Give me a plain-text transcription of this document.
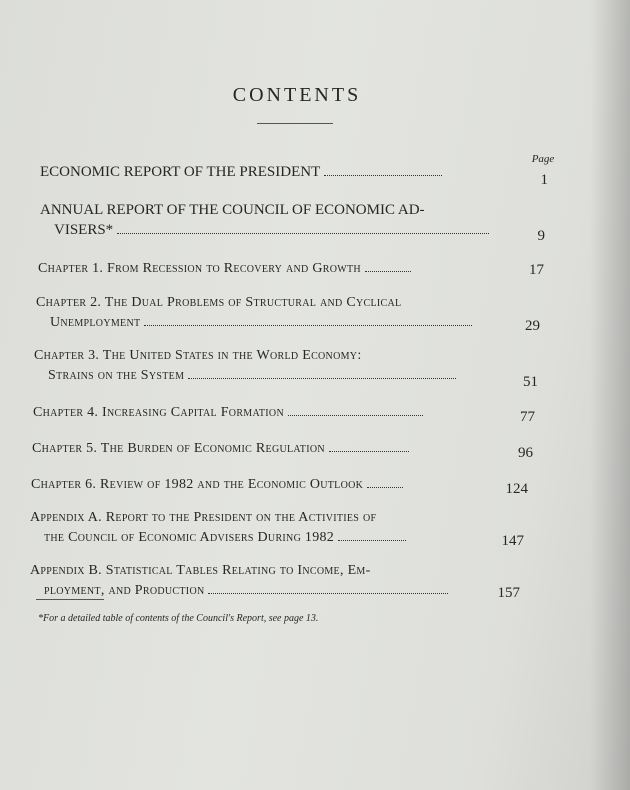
CONTENTS
Page
ECONOMIC REPORT OF THE PRESIDENT	1
ANNUAL REPORT OF THE COUNCIL OF ECONOMIC AD-
VISERS*	9
Chapter 1. From Recession to Recovery and Growth	17
Chapter 2. The Dual Problems of Structural and Cyclical
Unemployment	29
Chapter 3. The United States in the World Economy:
Strains on the System	51
Chapter 4. Increasing Capital Formation	77
Chapter 5. The Burden of Economic Regulation	96
Chapter 6. Review of 1982 and the Economic Outlook	124
Appendix A. Report to the President on the Activities of
the Council of Economic Advisers During 1982	147
Appendix B. Statistical Tables Relating to Income, Em-
ployment, and Production	157
*For a detailed table of contents of the Council's Report, see page 13.
